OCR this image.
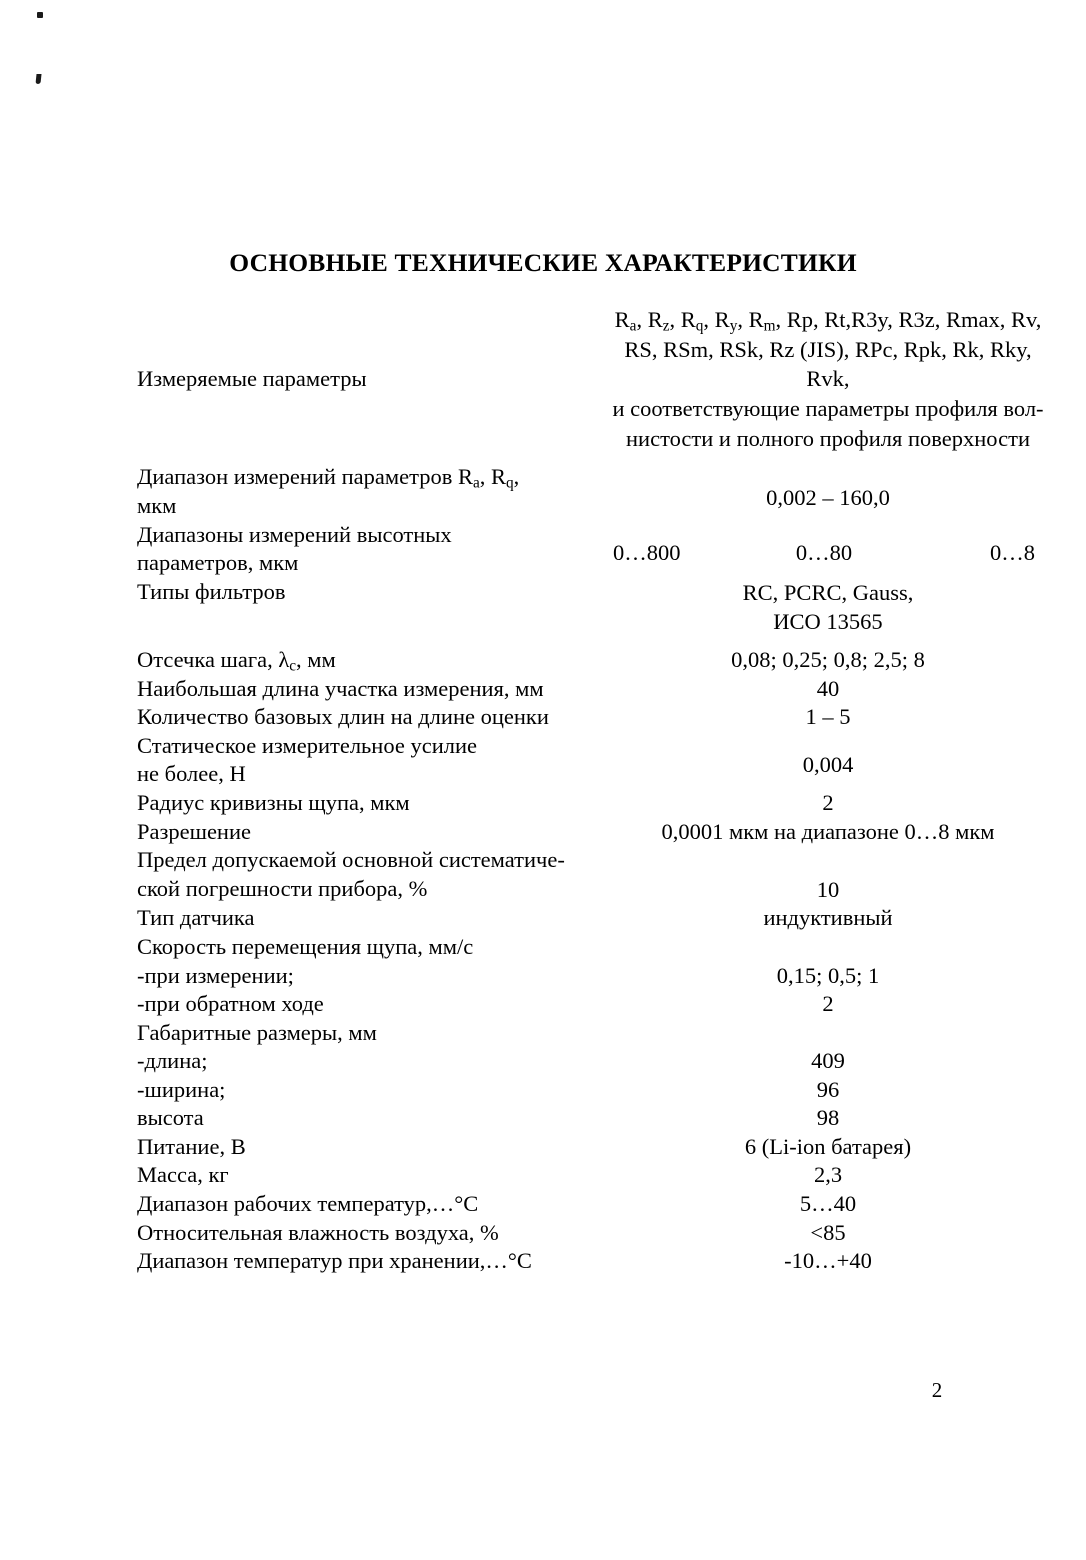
ОСНОВНЫЕ ТЕХНИЧЕСКИЕ ХАРАКТЕРИСТИКИ
Измеряемые параметры	$R_a$, $R_z$, $R_q$, $R_y$, $R_m$, Rp, Rt,R3y, R3z, Rmax, Rv,
RS, RSm, RSk, Rz (JIS), RPc, Rpk, Rk, Rky, Rvk,
и соответствующие параметры профиля вол-
нистости и полного профиля поверхности

Диапазон измерений параметров $R_a$, $R_q$,
мкм	0,002 – 160,0

Диапазоны измерений высотных
параметров, мкм	0…800 0…80 0…8

Типы фильтров	RC, PCRC, Gauss,
ИСО 13565

Отсечка шага, $\lambda_c$, мм	0,08; 0,25; 0,8; 2,5; 8
Наибольшая длина участка измерения, мм	40
Количество базовых длин на длине оценки	1 – 5

Статическое измерительное усилие
не более, Н	0,004

Радиус кривизны щупа, мкм	2
Разрешение	0,0001 мкм на диапазоне 0…8 мкм

Предел допускаемой основной систематиче-
ской погрешности прибора, %	10

Тип датчика	индуктивный
Скорость перемещения щупа, мм/с	
-при измерении;	0,15; 0,5; 1
-при обратном ходе	2
Габаритные размеры, мм	
-длина;	409
-ширина;	96
высота	98
Питание, В	6 (Li-ion батарея)
Масса, кг	2,3
Диапазон рабочих температур,…°С	5…40
Относительная влажность воздуха, %	<85
Диапазон температур при хранении,…°С	-10…+40
2
